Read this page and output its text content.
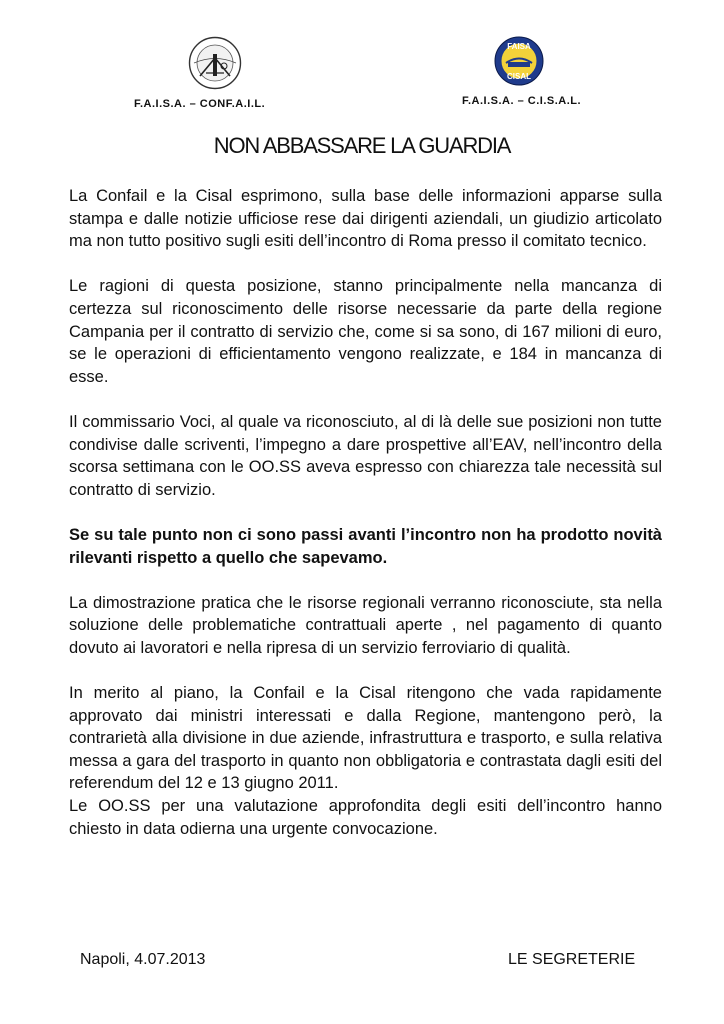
FAISA
CISAL
F.A.I.S.A. – CONF.A.I.L.	F.A.I.S.A. – C.I.S.A.L.
NON ABBASSARE LA GUARDIA

La Confail e la Cisal esprimono, sulla base delle informazioni apparse sulla stampa e dalle notizie ufficiose rese dai dirigenti aziendali, un giudizio articolato ma non tutto positivo sugli esiti dell’incontro di Roma presso il comitato tecnico.

Le ragioni di questa posizione, stanno principalmente nella mancanza di certezza sul riconoscimento delle risorse necessarie da parte della regione Campania per il contratto di servizio che, come si sa sono, di 167 milioni di euro, se le operazioni di efficientamento vengono realizzate, e 184 in mancanza di esse.

Il commissario Voci, al quale va riconosciuto, al di là delle sue posizioni non tutte condivise dalle scriventi, l’impegno a dare prospettive all’EAV, nell’incontro della scorsa settimana con le OO.SS aveva espresso con chiarezza tale necessità sul contratto di servizio.

Se su tale punto non ci sono passi avanti l’incontro non ha prodotto novità rilevanti rispetto a quello che sapevamo.

La dimostrazione pratica che le risorse regionali verranno riconosciute, sta nella soluzione delle problematiche contrattuali aperte , nel pagamento di quanto dovuto ai lavoratori e nella ripresa di un servizio ferroviario di qualità.

In merito al piano, la Confail e la Cisal ritengono che vada rapidamente approvato dai ministri interessati e dalla Regione, mantengono però, la contrarietà alla divisione in due aziende, infrastruttura e trasporto, e sulla relativa messa a gara del trasporto in quanto non obbligatoria e contrastata dagli esiti del referendum del 12 e 13 giugno 2011.

Le OO.SS per una valutazione approfondita degli esiti dell’incontro hanno chiesto in data odierna una urgente convocazione.

Napoli, 4.07.2013	LE SEGRETERIE
